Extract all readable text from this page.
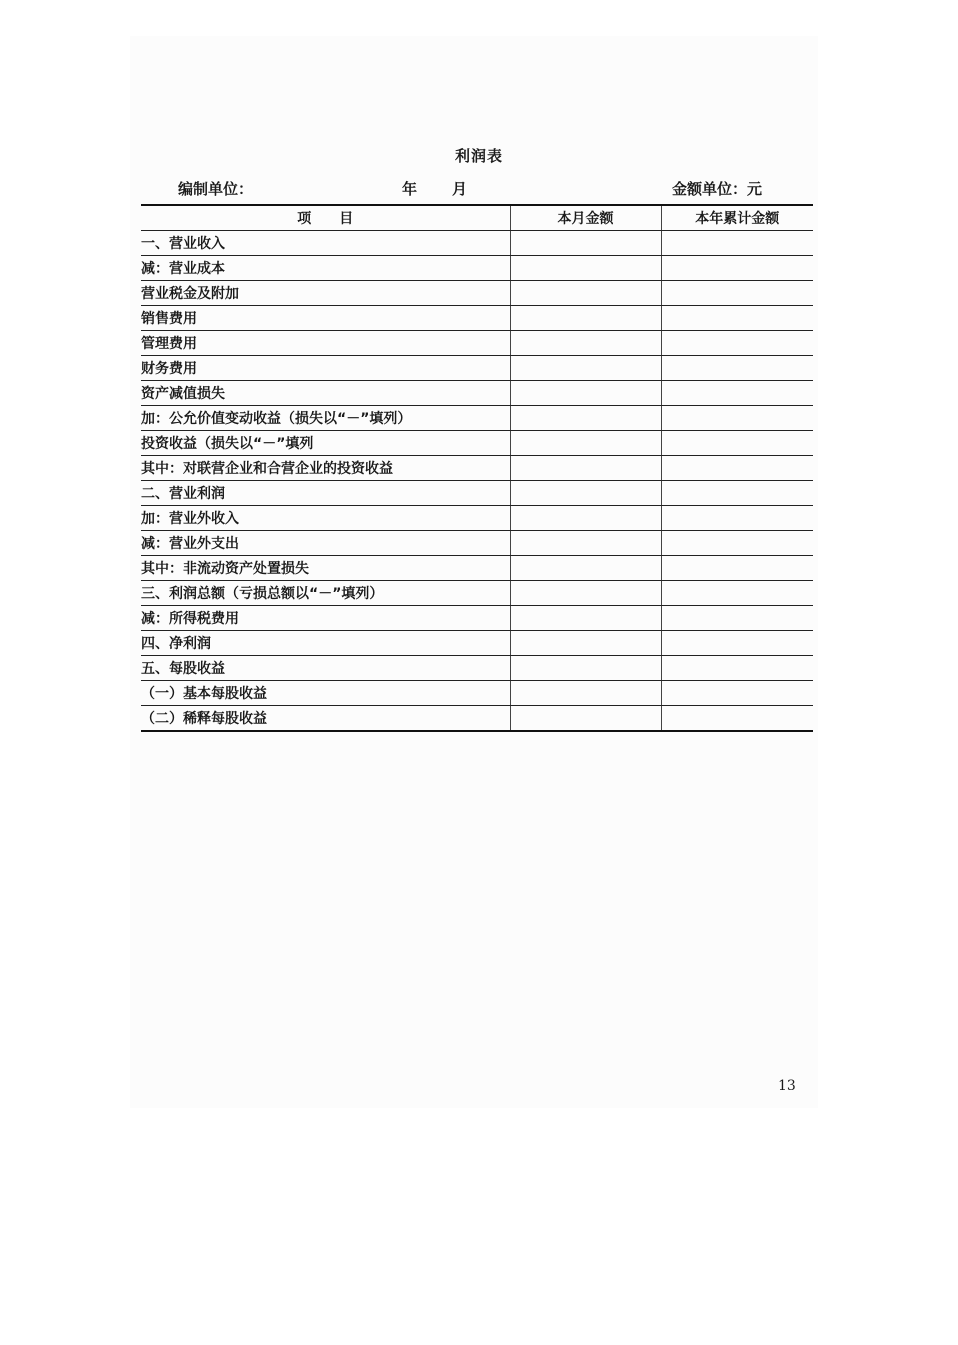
利润表
编制单位：	年 月	金额单位：元
项　　目	本月金额	本年累计金额
一、营业收入		
减：营业成本		
营业税金及附加		
销售费用		
管理费用		
财务费用		
资产减值损失		
加：公允价值变动收益（损失以“－”填列）		
投资收益（损失以“－”填列		
其中：对联营企业和合营企业的投资收益		
二、营业利润		
加：营业外收入		
减：营业外支出		
其中：非流动资产处置损失		
三、利润总额（亏损总额以“－”填列）		
减：所得税费用		
四、净利润		
五、每股收益		
（一）基本每股收益		
（二）稀释每股收益		
13
